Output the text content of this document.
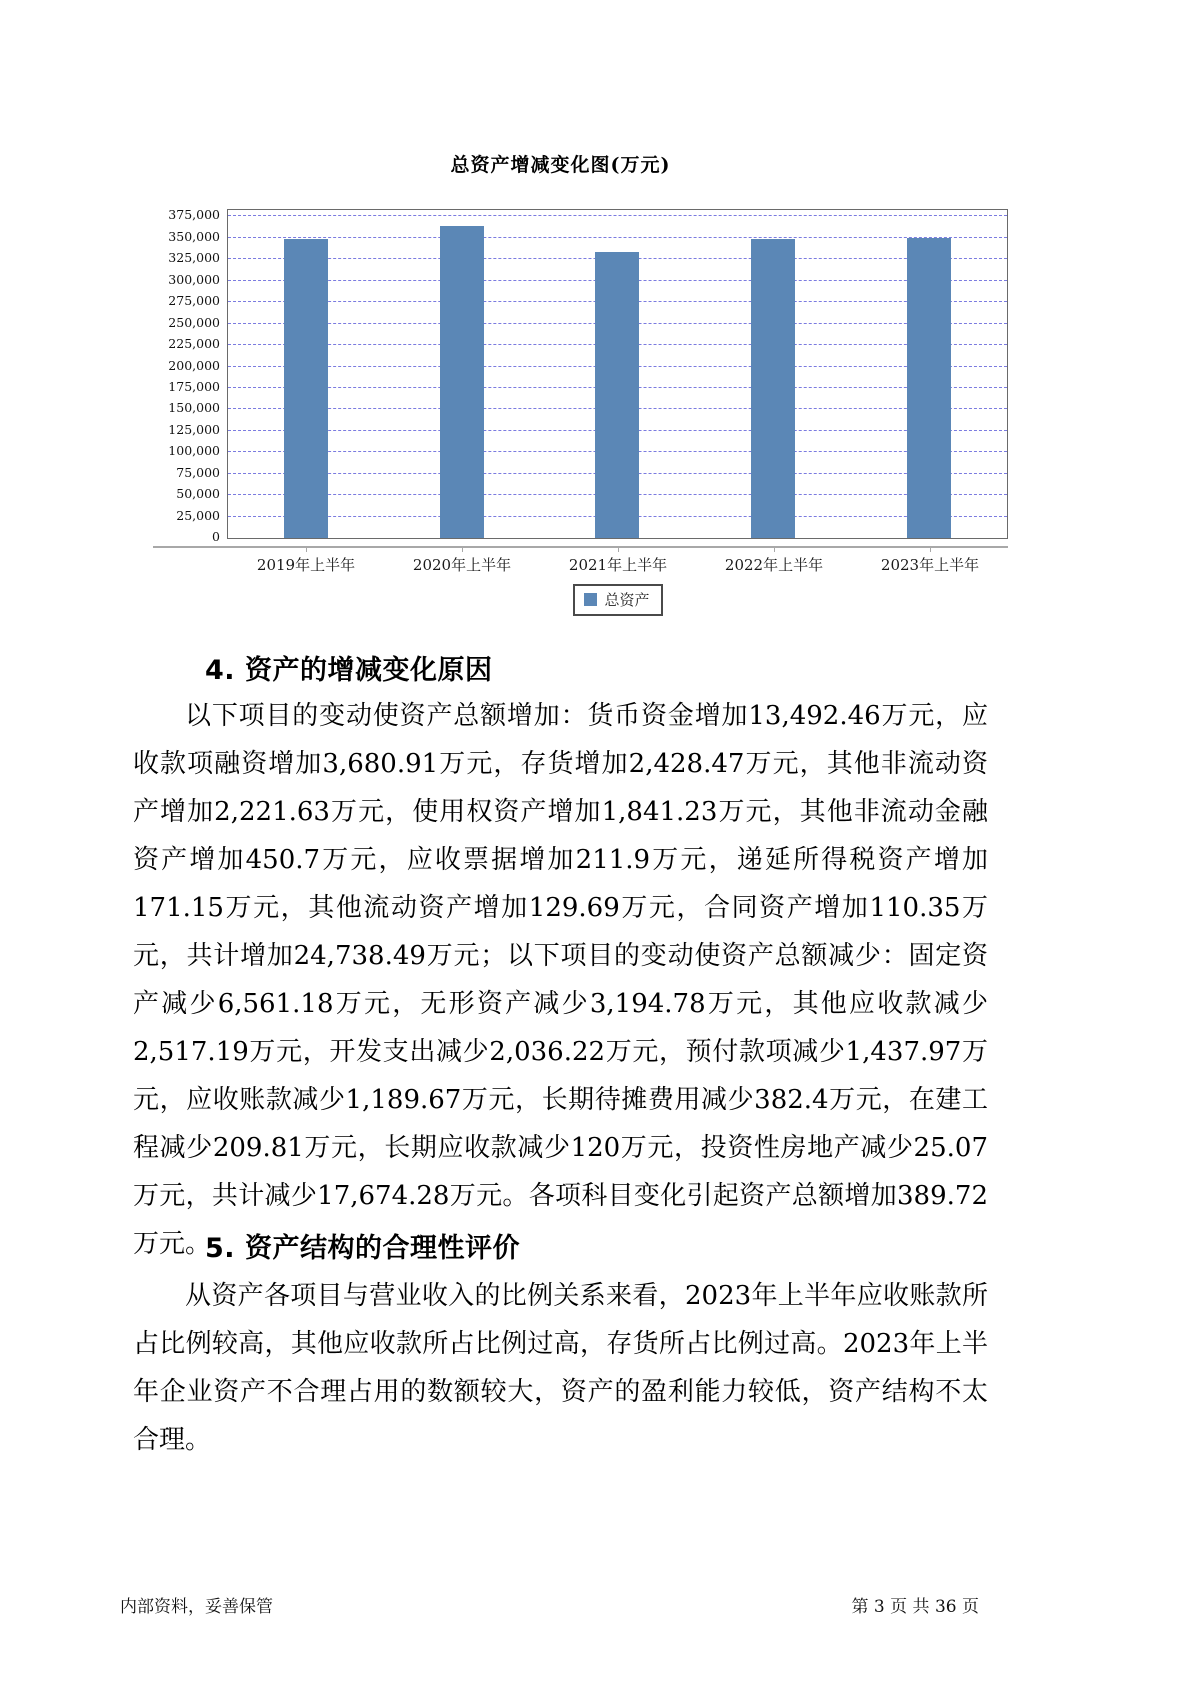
总资产增减变化图(万元)
0
25,000
50,000
75,000
100,000
125,000
150,000
175,000
200,000
225,000
250,000
275,000
300,000
325,000
350,000
375,000
2019年上半年	2020年上半年	2021年上半年	2022年上半年	2023年上半年
总资产
4. 资产的增减变化原因

以下项目的变动使资产总额增加：货币资金增加13,492.46万元，应收款项融资增加3,680.91万元，存货增加2,428.47万元，其他非流动资产增加2,221.63万元，使用权资产增加1,841.23万元，其他非流动金融资产增加450.7万元，应收票据增加211.9万元，递延所得税资产增加171.15万元，其他流动资产增加129.69万元，合同资产增加110.35万元，共计增加24,738.49万元；以下项目的变动使资产总额减少：固定资产减少6,561.18万元，无形资产减少3,194.78万元，其他应收款减少2,517.19万元，开发支出减少2,036.22万元，预付款项减少1,437.97万元，应收账款减少1,189.67万元，长期待摊费用减少382.4万元，在建工程减少209.81万元，长期应收款减少120万元，投资性房地产减少25.07万元，共计减少17,674.28万元。各项科目变化引起资产总额增加389.72万元。

5. 资产结构的合理性评价

从资产各项目与营业收入的比例关系来看，2023年上半年应收账款所占比例较高，其他应收款所占比例过高，存货所占比例过高。2023年上半年企业资产不合理占用的数额较大，资产的盈利能力较低，资产结构不太合理。

内部资料，妥善保管	第 3 页 共 36 页
